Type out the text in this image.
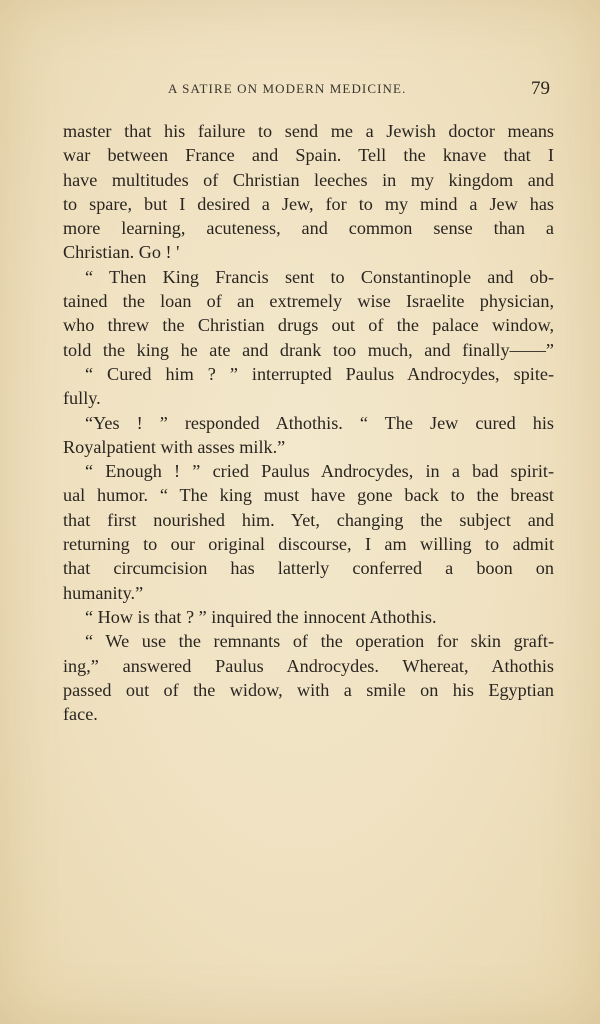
A SATIRE ON MODERN MEDICINE.	79
master that his failure to send me a Jewish doctor means
war between France and Spain. Tell the knave that I
have multitudes of Christian leeches in my kingdom and
to spare, but I desired a Jew, for to my mind a Jew has
more learning, acuteness, and common sense than a
Christian. Go ! '
“ Then King Francis sent to Constantinople and ob-
tained the loan of an extremely wise Israelite physician,
who threw the Christian drugs out of the palace window,
told the king he ate and drank too much, and finally——”
“ Cured him ? ” interrupted Paulus Androcydes, spite-
fully.
“Yes ! ” responded Athothis. “ The Jew cured his
Royalpatient with asses milk.”
“ Enough ! ” cried Paulus Androcydes, in a bad spirit-
ual humor. “ The king must have gone back to the breast
that first nourished him. Yet, changing the subject and
returning to our original discourse, I am willing to admit
that circumcision has latterly conferred a boon on
humanity.”
“ How is that ? ” inquired the innocent Athothis.
“ We use the remnants of the operation for skin graft-
ing,” answered Paulus Androcydes. Whereat, Athothis
passed out of the widow, with a smile on his Egyptian
face.
